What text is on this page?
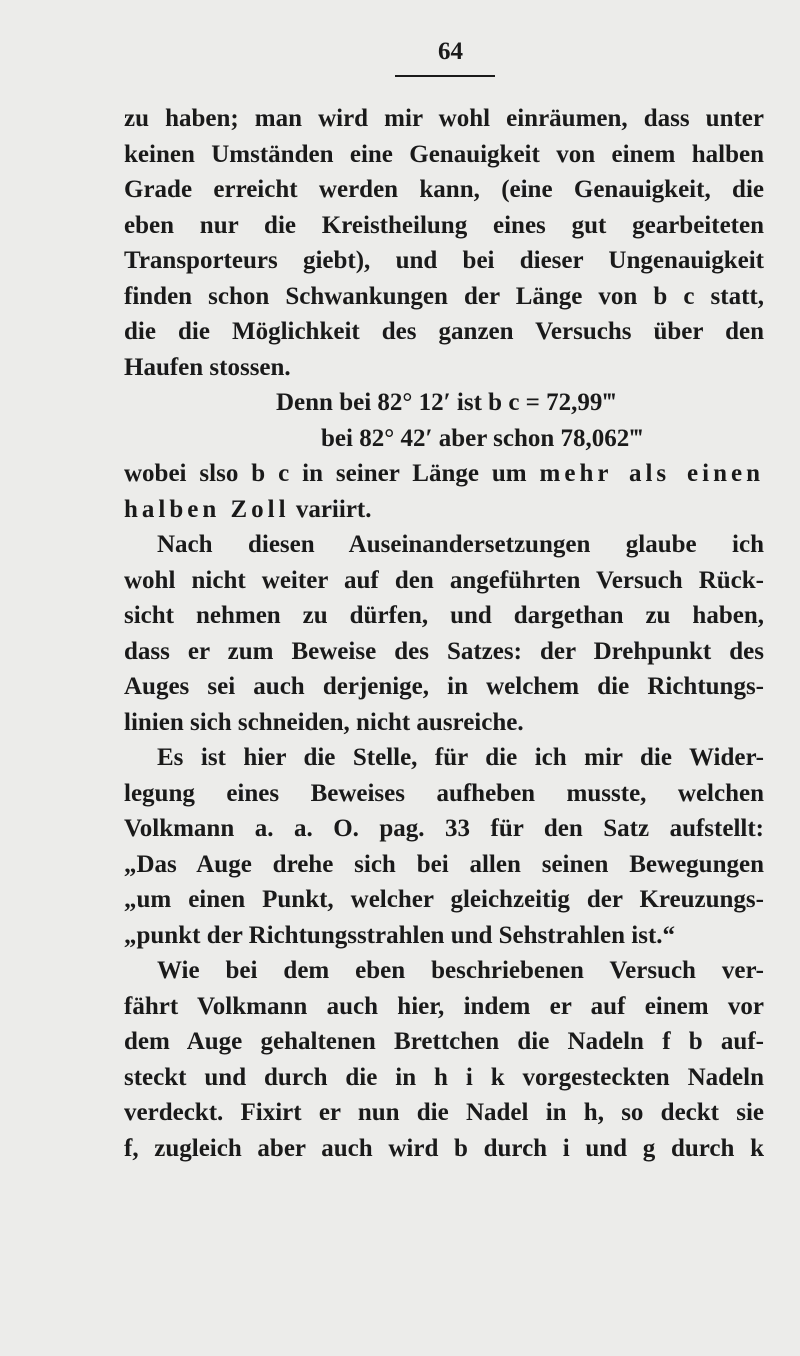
64
zu haben; man wird mir wohl einräumen, dass unter
keinen Umständen eine Genauigkeit von einem halben
Grade erreicht werden kann, (eine Genauigkeit, die
eben nur die Kreistheilung eines gut gearbeiteten
Transporteurs giebt), und bei dieser Ungenauigkeit
finden schon Schwankungen der Länge von b c statt,
die die Möglichkeit des ganzen Versuchs über den
Haufen stossen.
Denn bei 82° 12′ ist b c = 72,99‴
bei 82° 42′ aber schon 78,062‴
wobei slso b c in seiner Länge um mehr als einen
halben Zoll variirt.
Nach diesen Auseinandersetzungen glaube ich
wohl nicht weiter auf den angeführten Versuch Rück-
sicht nehmen zu dürfen, und dargethan zu haben,
dass er zum Beweise des Satzes: der Drehpunkt des
Auges sei auch derjenige, in welchem die Richtungs-
linien sich schneiden, nicht ausreiche.
Es ist hier die Stelle, für die ich mir die Wider-
legung eines Beweises aufheben musste, welchen
Volkmann a. a. O. pag. 33 für den Satz aufstellt:
„Das Auge drehe sich bei allen seinen Bewegungen
„um einen Punkt, welcher gleichzeitig der Kreuzungs-
„punkt der Richtungsstrahlen und Sehstrahlen ist.“
Wie bei dem eben beschriebenen Versuch ver-
fährt Volkmann auch hier, indem er auf einem vor
dem Auge gehaltenen Brettchen die Nadeln f b auf-
steckt und durch die in h i k vorgesteckten Nadeln
verdeckt. Fixirt er nun die Nadel in h, so deckt sie
f, zugleich aber auch wird b durch i und g durch k
